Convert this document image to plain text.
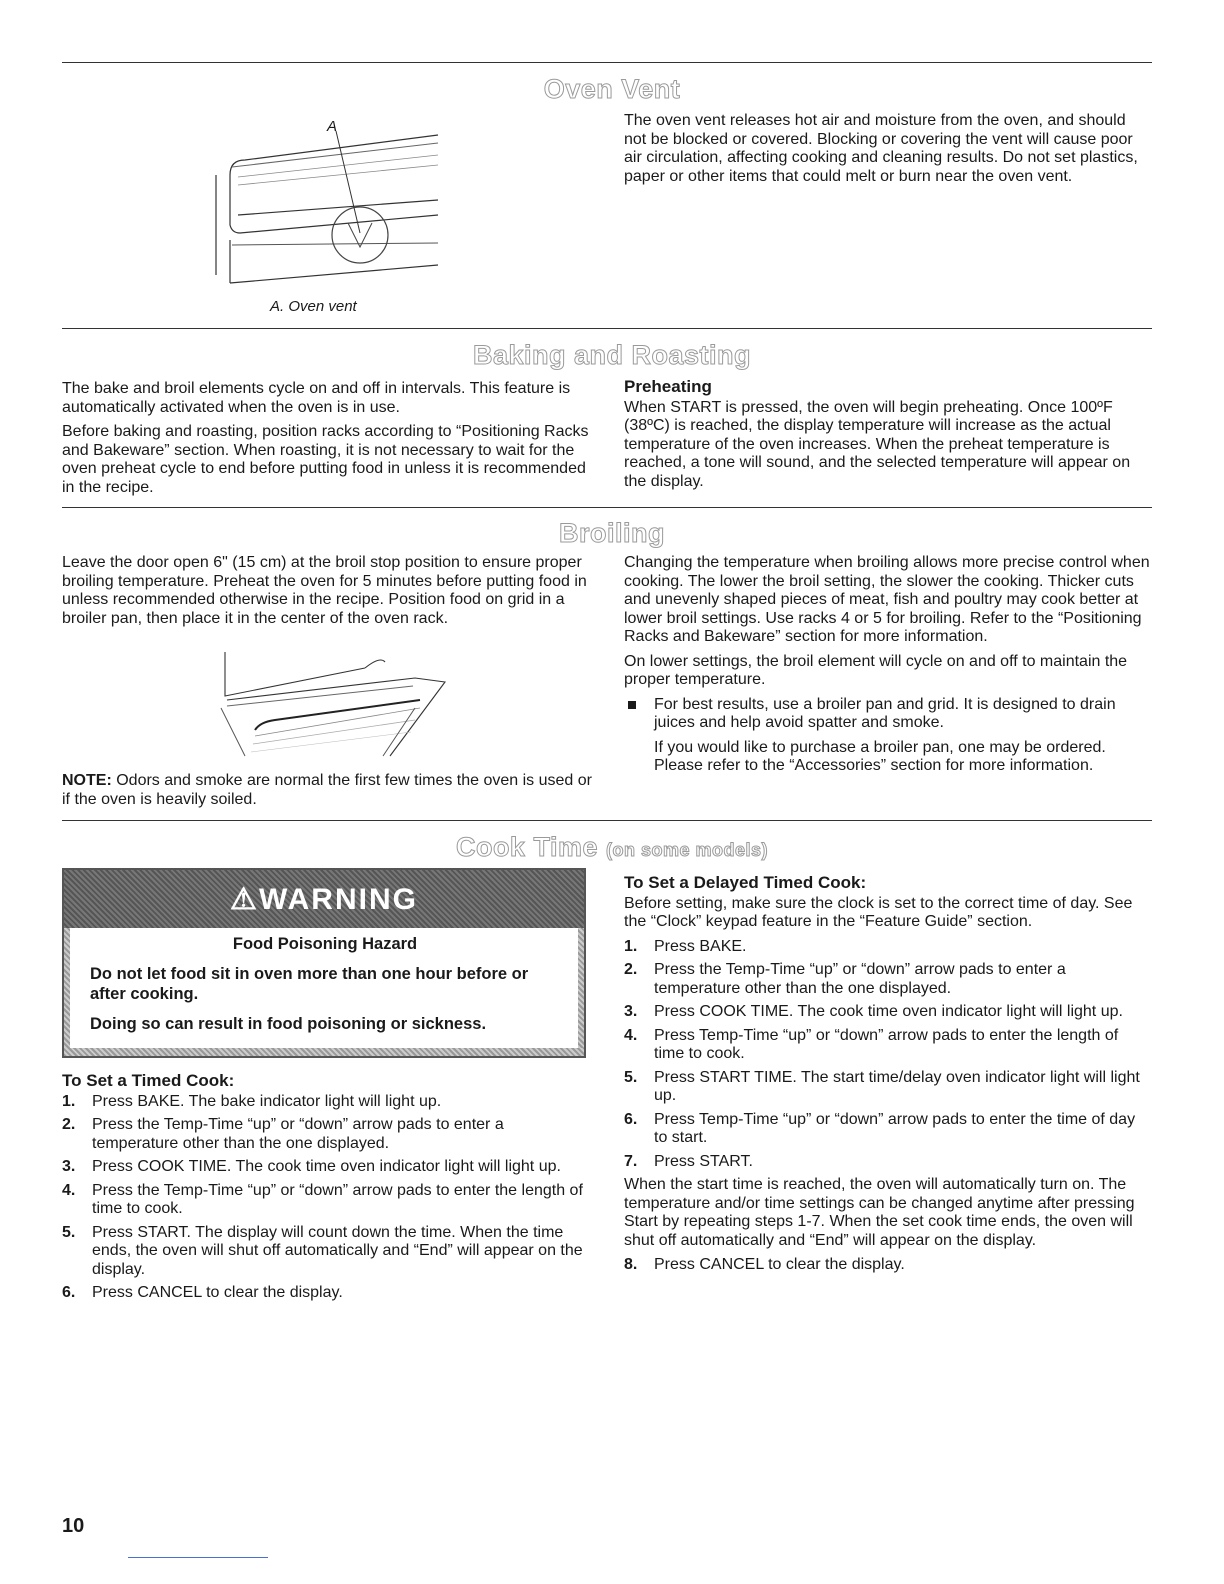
Oven Vent
A
A. Oven vent
The oven vent releases hot air and moisture from the oven, and should not be blocked or covered. Blocking or covering the vent will cause poor air circulation, affecting cooking and cleaning results. Do not set plastics, paper or other items that could melt or burn near the oven vent.
Baking and Roasting

The bake and broil elements cycle on and off in intervals. This feature is automatically activated when the oven is in use.

Before baking and roasting, position racks according to “Positioning Racks and Bakeware” section. When roasting, it is not necessary to wait for the oven preheat cycle to end before putting food in unless it is recommended in the recipe.

Preheating

When START is pressed, the oven will begin preheating. Once 100ºF (38ºC) is reached, the display temperature will increase as the actual temperature of the oven increases. When the preheat temperature is reached, a tone will sound, and the selected temperature will appear on the display.

Broiling
Leave the door open 6" (15 cm) at the broil stop position to ensure proper broiling temperature. Preheat the oven for 5 minutes before putting food in unless recommended otherwise in the recipe. Position food on grid in a broiler pan, then place it in the center of the oven rack.
NOTE: Odors and smoke are normal the first few times the oven is used or if the oven is heavily soiled.

Changing the temperature when broiling allows more precise control when cooking. The lower the broil setting, the slower the cooking. Thicker cuts and unevenly shaped pieces of meat, fish and poultry may cook better at lower broil settings. Use racks 4 or 5 for broiling. Refer to the “Positioning Racks and Bakeware” section for more information.

On lower settings, the broil element will cycle on and off to maintain the proper temperature.

For best results, use a broiler pan and grid. It is designed to drain juices and help avoid spatter and smoke.

If you would like to purchase a broiler pan, one may be ordered. Please refer to the “Accessories” section for more information.

Cook Time (on some models)
⚠WARNING

Food Poisoning Hazard

Do not let food sit in oven more than one hour before or after cooking.

Doing so can result in food poisoning or sickness.

To Set a Timed Cook:
1. Press BAKE. The bake indicator light will light up.
2. Press the Temp-Time “up” or “down” arrow pads to enter a temperature other than the one displayed.
3. Press COOK TIME. The cook time oven indicator light will light up.
4. Press the Temp-Time “up” or “down” arrow pads to enter the length of time to cook.
5. Press START. The display will count down the time. When the time ends, the oven will shut off automatically and “End” will appear on the display.
6. Press CANCEL to clear the display.
To Set a Delayed Timed Cook:

Before setting, make sure the clock is set to the correct time of day. See the “Clock” keypad feature in the “Feature Guide” section.

1. Press BAKE.
2. Press the Temp-Time “up” or “down” arrow pads to enter a temperature other than the one displayed.
3. Press COOK TIME. The cook time oven indicator light will light up.
4. Press Temp-Time “up” or “down” arrow pads to enter the length of time to cook.
5. Press START TIME. The start time/delay oven indicator light will light up.
6. Press Temp-Time “up” or “down” arrow pads to enter the time of day to start.
7. Press START.

When the start time is reached, the oven will automatically turn on. The temperature and/or time settings can be changed anytime after pressing Start by repeating steps 1-7. When the set cook time ends, the oven will shut off automatically and “End” will appear on the display.

8. Press CANCEL to clear the display.
10
